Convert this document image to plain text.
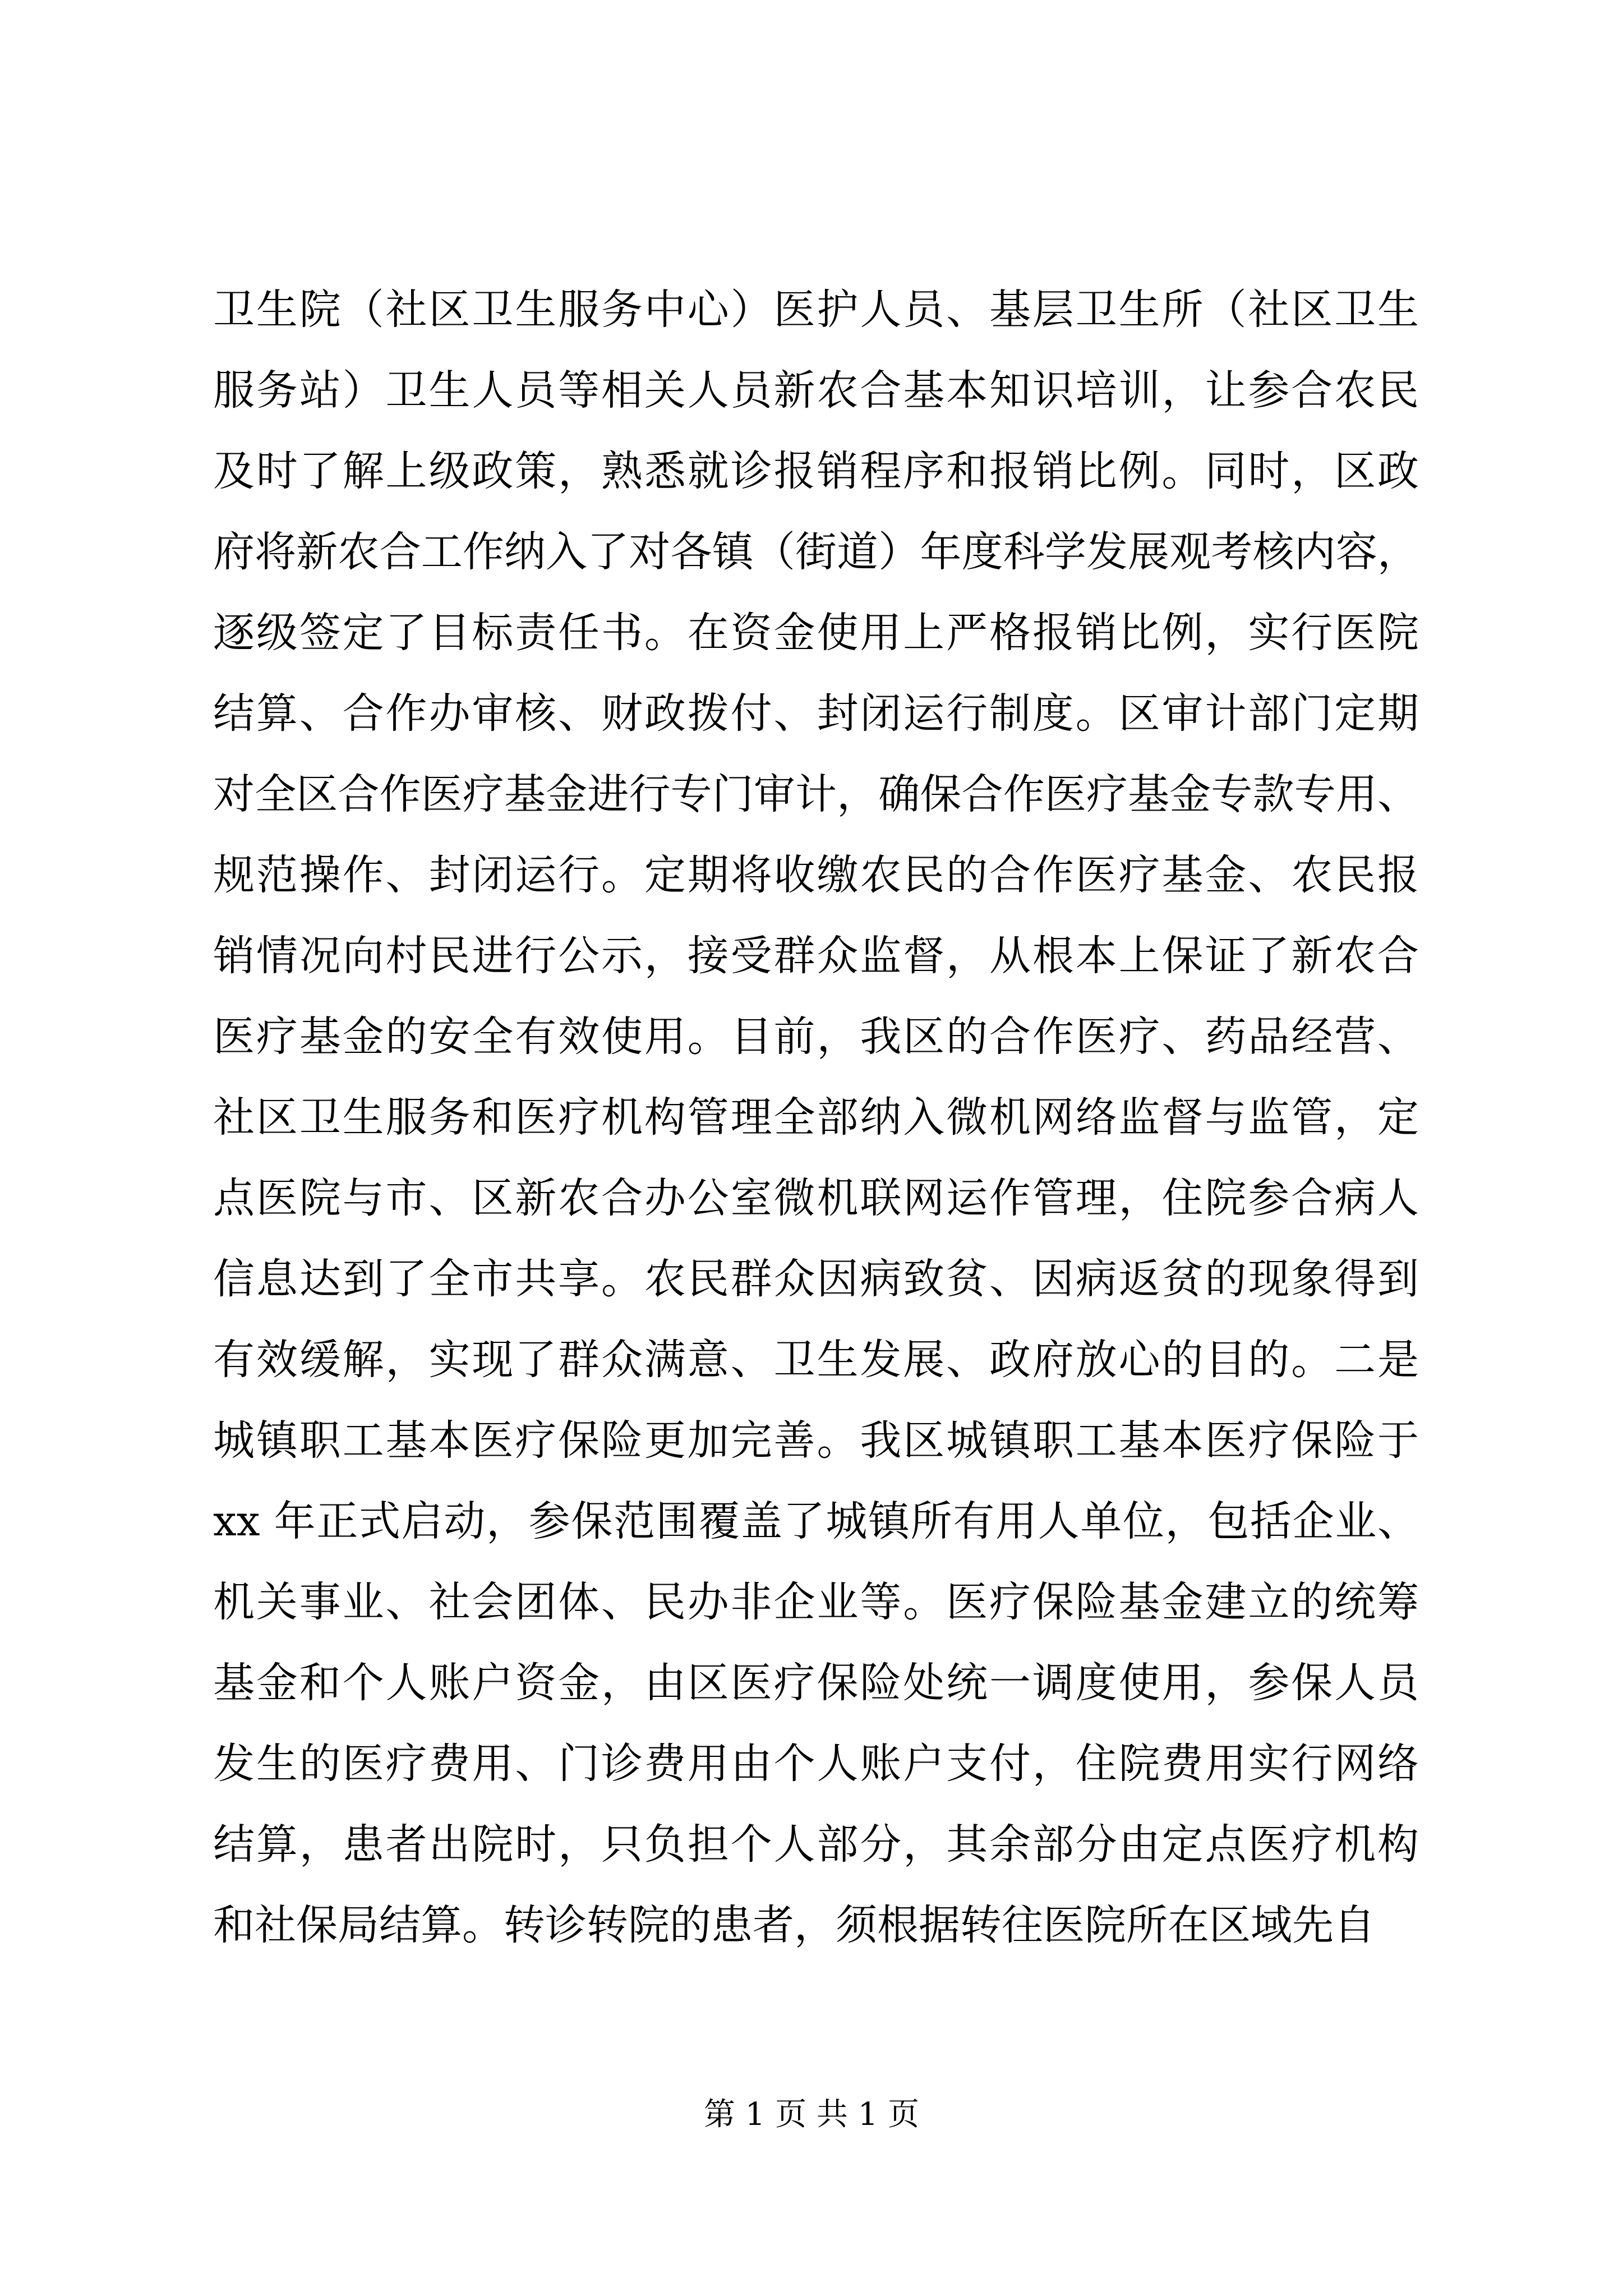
卫生院（社区卫生服务中心）医护人员、基层卫生所（社区卫生
服务站）卫生人员等相关人员新农合基本知识培训，让参合农民
及时了解上级政策，熟悉就诊报销程序和报销比例。同时，区政
府将新农合工作纳入了对各镇（街道）年度科学发展观考核内容，
逐级签定了目标责任书。在资金使用上严格报销比例，实行医院
结算、合作办审核、财政拨付、封闭运行制度。区审计部门定期
对全区合作医疗基金进行专门审计，确保合作医疗基金专款专用、
规范操作、封闭运行。定期将收缴农民的合作医疗基金、农民报
销情况向村民进行公示，接受群众监督，从根本上保证了新农合
医疗基金的安全有效使用。目前，我区的合作医疗、药品经营、
社区卫生服务和医疗机构管理全部纳入微机网络监督与监管，定
点医院与市、区新农合办公室微机联网运作管理，住院参合病人
信息达到了全市共享。农民群众因病致贫、因病返贫的现象得到
有效缓解，实现了群众满意、卫生发展、政府放心的目的。二是
城镇职工基本医疗保险更加完善。我区城镇职工基本医疗保险于
xx 年正式启动，参保范围覆盖了城镇所有用人单位，包括企业、
机关事业、社会团体、民办非企业等。医疗保险基金建立的统筹
基金和个人账户资金，由区医疗保险处统一调度使用，参保人员
发生的医疗费用、门诊费用由个人账户支付，住院费用实行网络
结算，患者出院时，只负担个人部分，其余部分由定点医疗机构
和社保局结算。转诊转院的患者，须根据转往医院所在区域先自
第 1 页 共 1 页
